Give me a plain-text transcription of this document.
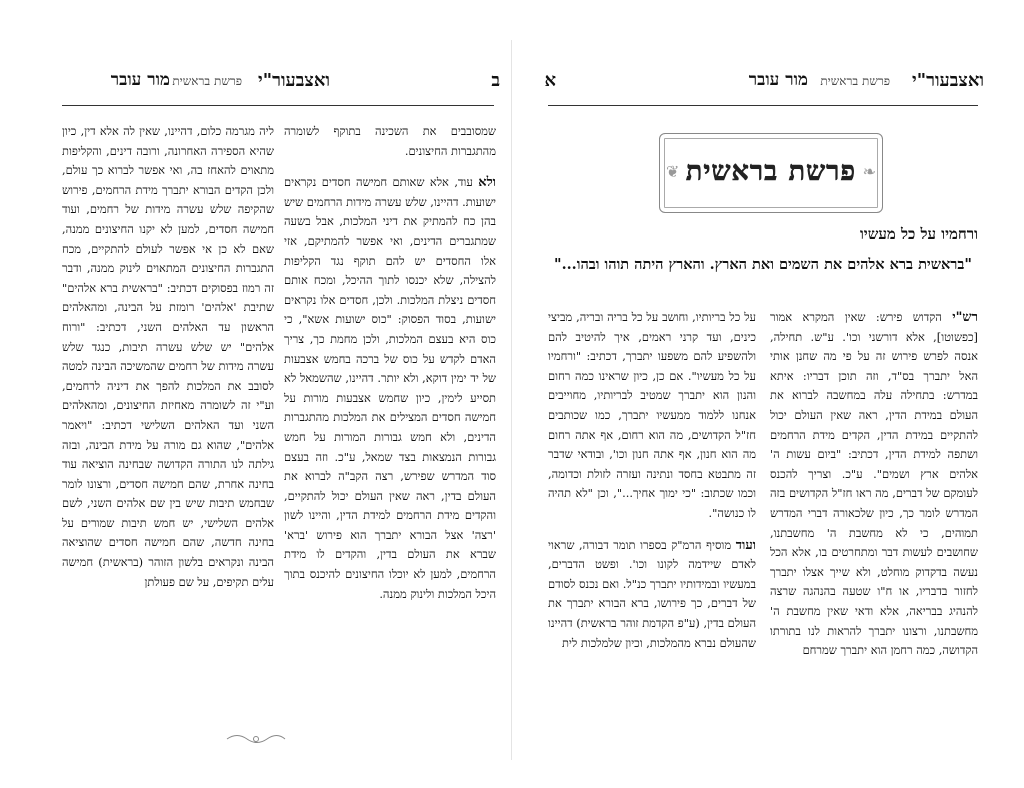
ואצבעור"י
פרשת בראשית
מור עובר	ב

שמסובבים את השכינה בתוקף לשומרה מהתגברות החיצונים.

ולא עוד, אלא שאותם חמישה חסדים נקראים ישועות. דהיינו, שלש עשרה מידות הרחמים שיש בהן כח להמתיק את דיני המלכות, אבל בשעה שמתגברים הדינים, ואי אפשר להמתיקם, אזי אלו החסדים יש להם תוקף נגד הקליפות להצילה, שלא יכנסו לתוך ההיכל, ומכח אותם חסדים ניצלת המלכות. ולכן, חסדים אלו נקראים ישועות, בסוד הפסוק: "כוס ישועות אשא", כי כוס היא בעצם המלכות, ולכן מחמת כך, צריך האדם לקדש על כוס של ברכה בחמש אצבעות של יד ימין דוקא, ולא יותר. דהיינו, שהשמאל לא תסייע לימין, כיון שחמש אצבעות מורות על חמישה חסדים המצילים את המלכות מהתגברות הדינים, ולא חמש גבורות המורות על חמש גבורות הנמצאות בצד שמאל, ע"כ. וזה בעצם סוד המדרש שפירש, רצה הקב"ה לברוא את העולם בדין, ראה שאין העולם יכול להתקיים, והקדים מידת הרחמים למידת הדין, והיינו לשון 'רצה' אצל הבורא יתברך הוא פירוש 'ברא' שברא את העולם בדין, והקדים לו מידת הרחמים, למען לא יוכלו החיצונים להיכנס בתוך היכל המלכות ולינוק ממנה.

ליה מגרמה כלום, דהיינו, שאין לה אלא דין, כיון שהיא הספירה האחרונה, ורובה דינים, והקליפות מתאוים להאחז בה, ואי אפשר לברוא כך עולם, ולכן הקדים הבורא יתברך מידת הרחמים, פירוש שהקיפה שלש עשרה מידות של רחמים, ועוד חמישה חסדים, למען לא יקנו החיצונים ממנה, שאם לא כן אי אפשר לעולם להתקיים, מכח התגברות החיצונים המתאוים לינוק ממנה, ודבר זה רמוז בפסוקים דכתיב: "בראשית ברא אלהים" שתיבת 'אלהים' רומזת על הבינה, ומהאלהים הראשון עד האלהים השני, דכתיב: "ורוח אלהים" יש שלש עשרה תיבות, כנגד שלש עשרה מידות של רחמים שהמשיכה הבינה למטה לסובב את המלכות להפך את דיניה לרחמים, וע"י זה לשומרה מאחיזת החיצונים, ומהאלהים השני ועד האלהים השלישי דכתיב: "ויאמר אלהים", שהוא גם מורה על מידת הבינה, ובזה גילתה לנו התורה הקדושה שבחינה הוציאה עוד בחינה אחרת, שהם חמישה חסדים, ורצונו לומר שבחמש תיבות שיש בין שם אלהים השני, לשם אלהים השלישי, יש חמש תיבות שמורים על בחינה חדשה, שהם חמישה חסדים שהוציאה הבינה ונקראים בלשון הזוהר (בראשית) חמישה עלים תקיפים, על שם פעולתן

ואצבעור"י
פרשת בראשית
מור עובר
א
❦	❧
פרשת בראשית
ורחמיו על כל מעשיו
"בראשית ברא אלהים את השמים ואת הארץ. והארץ היתה תוהו ובהו..."

רש"י הקדוש פירש: שאין המקרא אמור [כפשוטו], אלא דורשני וכו'. ע"ש. תחילה, אנסה לפרש פירוש זה על פי מה שחנן אותי האל יתברך בס"ד, וזה תוכן דבריו: איתא במדרש: בתחילה עלה במחשבה לברוא את העולם במידת הדין, ראה שאין העולם יכול להתקיים במידת הדין, הקדים מידת הרחמים ושתפה למידת הדין, דכתיב: "ביום עשות ה' אלהים ארץ ושמים". ע"כ. וצריך להכנס לעומקם של דברים, מה ראו חז"ל הקדושים בזה המדרש לומר כך, כיון שלכאורה דברי המדרש תמוהים, כי לא מחשבת ה' מחשבתנו, שחושבים לעשות דבר ומתחרטים בו, אלא הכל נעשה בדקדוק מוחלט, ולא שייך אצלו יתברך לחזור בדבריו, או ח"ו שטעה בהנהגה שרצה להנהיג בבריאה, אלא ודאי שאין מחשבת ה' מחשבתנו, ורצונו יתברך להראות לנו בתורתו הקדושה, כמה רחמן הוא יתברך שמרחם

על כל בריותיו, וחושב על כל בריה ובריה, מביצי כינים, ועד קרני ראמים, איך להיטיב להם ולהשפיע להם משפעו יתברך, דכתיב: "ורחמיו על כל מעשיו". אם כן, כיון שראינו כמה רחום והנון הוא יתברך שמטיב לבריותיו, מחוייבים אנחנו ללמוד ממעשיו יתברך, כמו שכותבים חז"ל הקדושים, מה הוא רחום, אף אתה רחום מה הוא חנון, אף אתה חנון וכו', ובודאי שדבר זה מתבטא בחסד ונתינה ועזרה לזולת וכדומה, וכמו שכתוב: "כי ימוך אחיך...", וכן "לא תהיה לו כנושה".

ועוד מוסיף הרמ"ק בספרו תומר דבורה, שראוי לאדם שיידמה לקונו וכו'. ופשט הדברים, במעשיו ובמידותיו יתברך כנ"ל. ואם נכנס לסודם של דברים, כך פירושו, ברא הבורא יתברך את העולם בדין, (ע"פ הקדמת זוהר בראשית) דהיינו שהעולם נברא מהמלכות, וכיון שלמלכות לית
